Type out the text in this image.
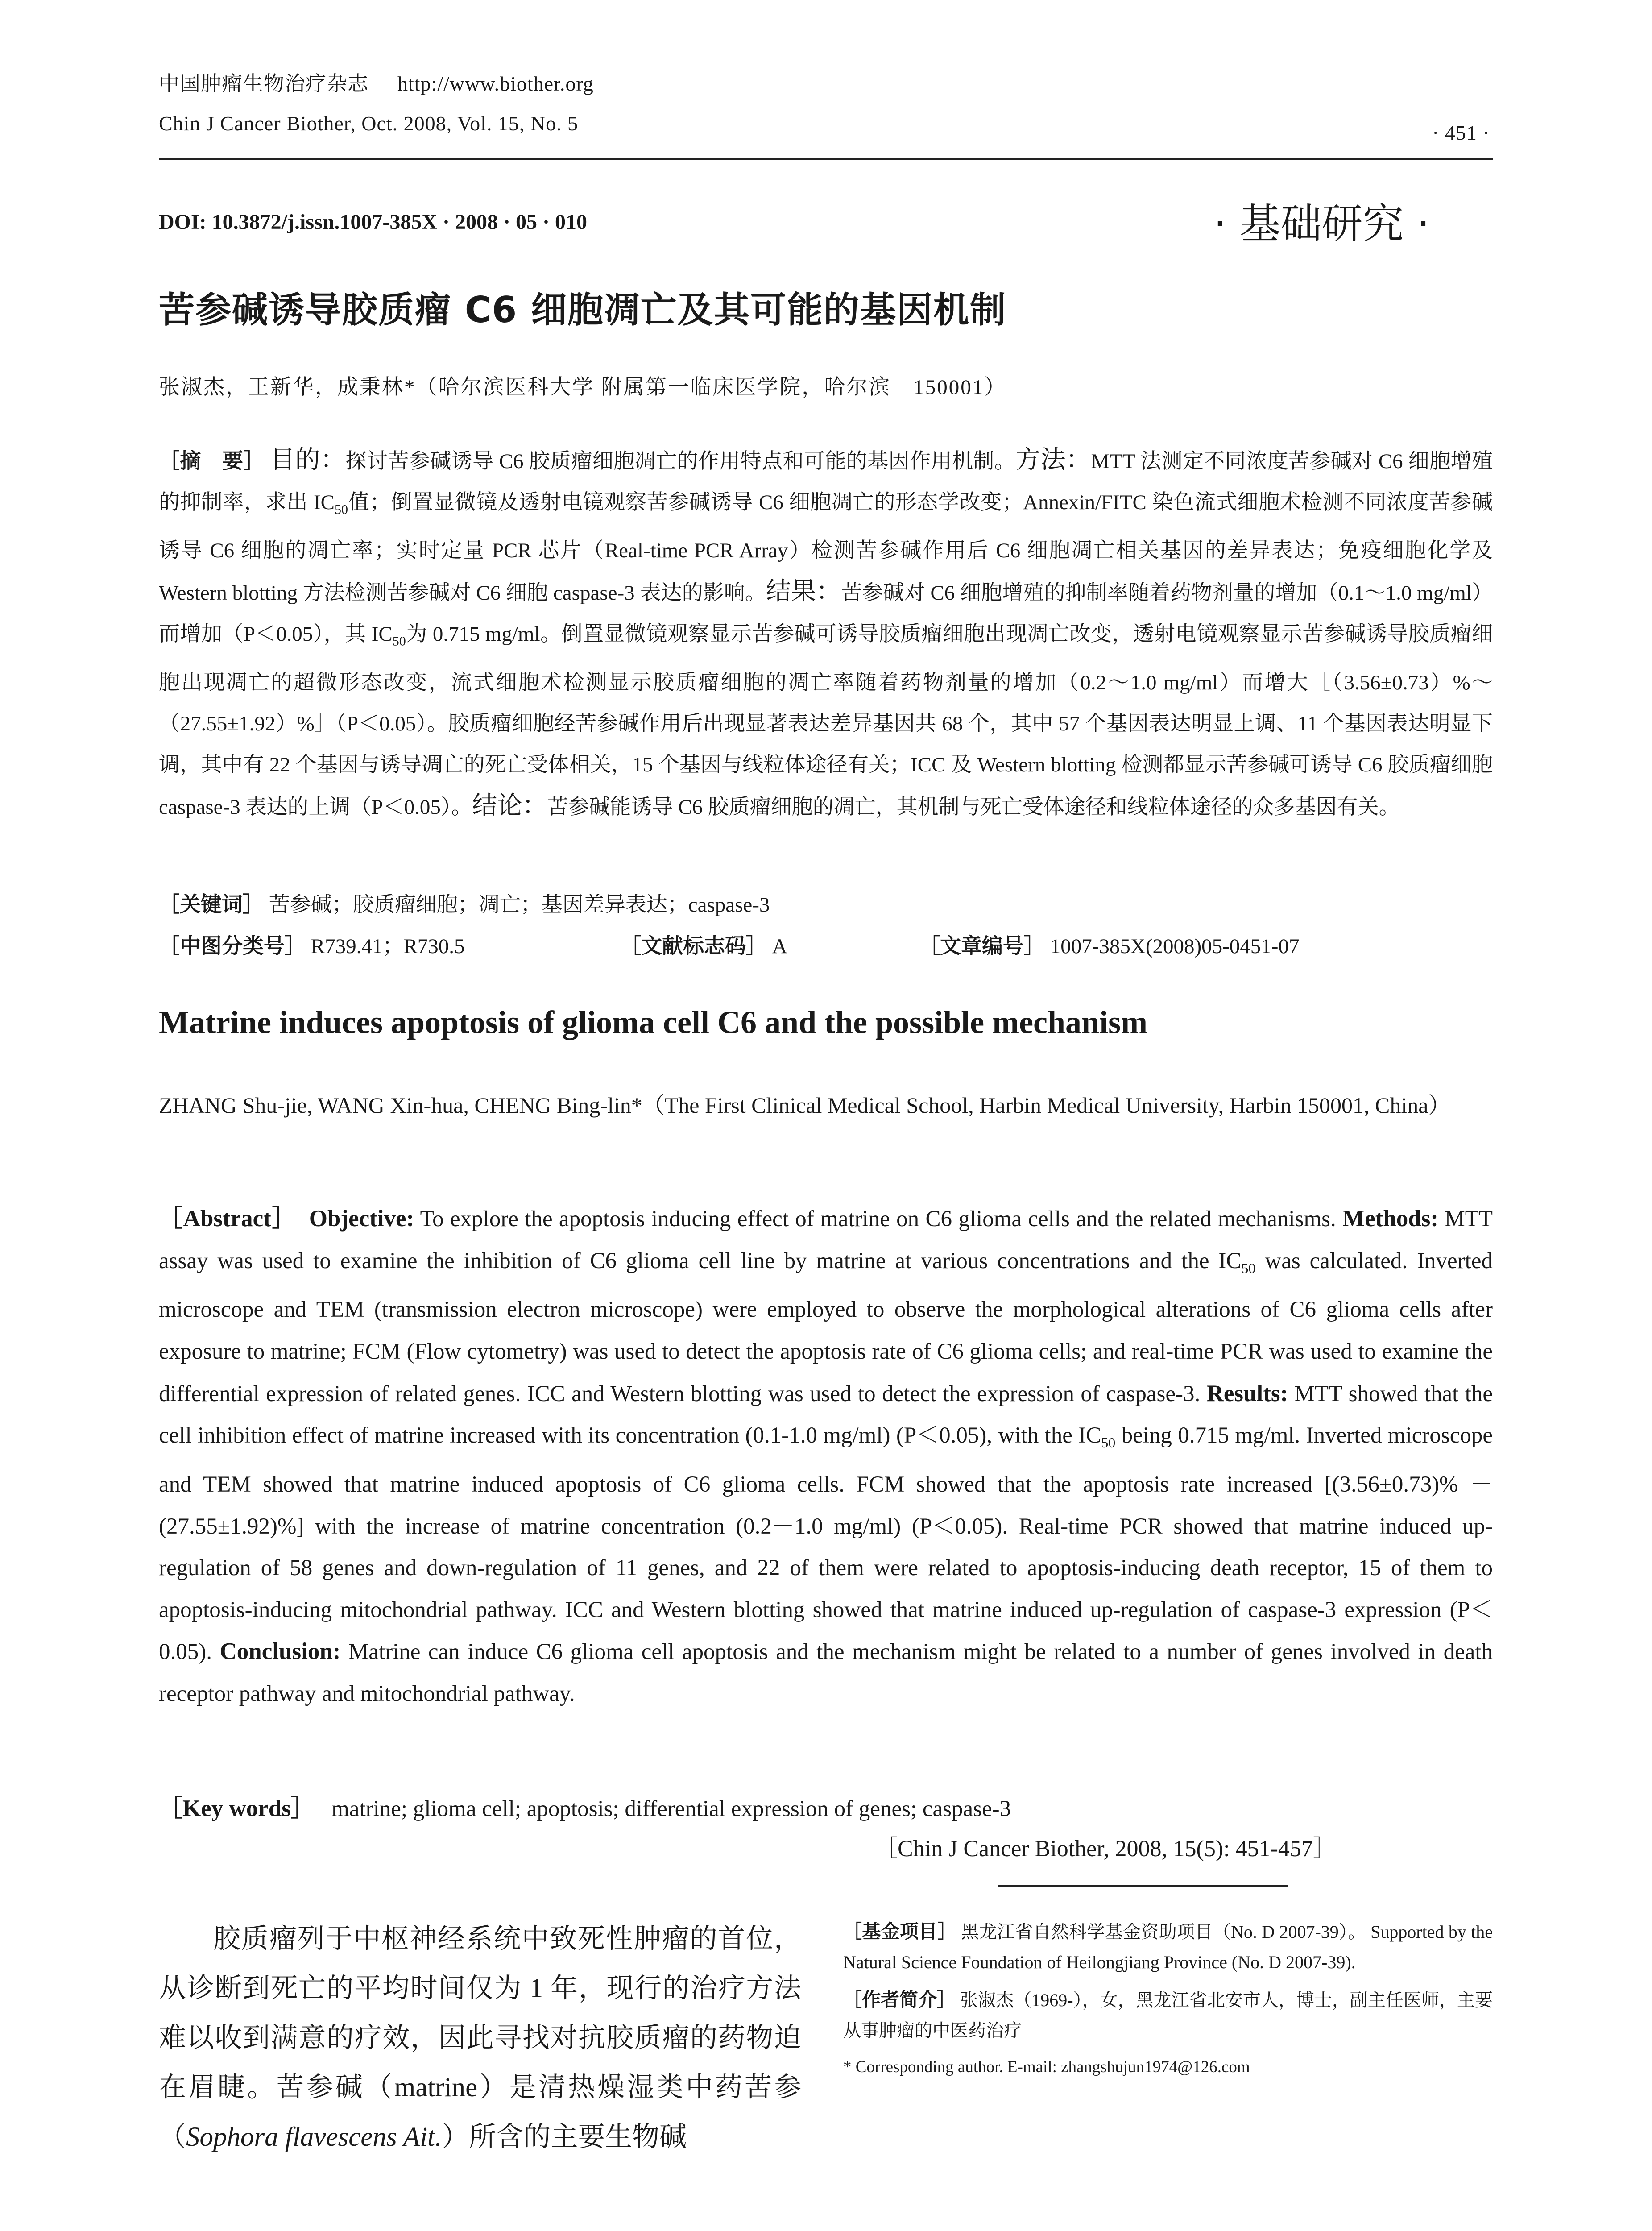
中国肿瘤生物治疗杂志 http://www.biother.org
Chin J Cancer Biother, Oct. 2008, Vol. 15, No. 5	· 451 ·
DOI: 10.3872/j.issn.1007-385X · 2008 · 05 · 010	· 基础研究 ·
苦参碱诱导胶质瘤 C6 细胞凋亡及其可能的基因机制
张淑杰，王新华，成秉林*（哈尔滨医科大学 附属第一临床医学院，哈尔滨　150001）
［摘　要］ 目的：探讨苦参碱诱导 C6 胶质瘤细胞凋亡的作用特点和可能的基因作用机制。方法：MTT 法测定不同浓度苦参碱对 C6 细胞增殖的抑制率，求出 $IC_{50}$值；倒置显微镜及透射电镜观察苦参碱诱导 C6 细胞凋亡的形态学改变；Annexin/FITC 染色流式细胞术检测不同浓度苦参碱诱导 C6 细胞的凋亡率；实时定量 PCR 芯片（Real-time PCR Array）检测苦参碱作用后 C6 细胞凋亡相关基因的差异表达；免疫细胞化学及 Western blotting 方法检测苦参碱对 C6 细胞 caspase-3 表达的影响。结果：苦参碱对 C6 细胞增殖的抑制率随着药物剂量的增加（0.1～1.0 mg/ml）而增加（P＜0.05），其 $IC_{50}$为 0.715 mg/ml。倒置显微镜观察显示苦参碱可诱导胶质瘤细胞出现凋亡改变，透射电镜观察显示苦参碱诱导胶质瘤细胞出现凋亡的超微形态改变，流式细胞术检测显示胶质瘤细胞的凋亡率随着药物剂量的增加（0.2～1.0 mg/ml）而增大［（3.56±0.73）%～（27.55±1.92）%］（P＜0.05）。胶质瘤细胞经苦参碱作用后出现显著表达差异基因共 68 个，其中 57 个基因表达明显上调、11 个基因表达明显下调，其中有 22 个基因与诱导凋亡的死亡受体相关，15 个基因与线粒体途径有关；ICC 及 Western blotting 检测都显示苦参碱可诱导 C6 胶质瘤细胞 caspase-3 表达的上调（P＜0.05）。结论：苦参碱能诱导 C6 胶质瘤细胞的凋亡，其机制与死亡受体途径和线粒体途径的众多基因有关。
［关键词］ 苦参碱；胶质瘤细胞；凋亡；基因差异表达；caspase-3
［中图分类号］ R739.41；R730.5	［文献标志码］ A	［文章编号］ 1007-385X(2008)05-0451-07
Matrine induces apoptosis of glioma cell C6 and the possible mechanism
ZHANG Shu-jie, WANG Xin-hua, CHENG Bing-lin*（The First Clinical Medical School, Harbin Medical University, Harbin 150001, China）
［Abstract］ Objective: To explore the apoptosis inducing effect of matrine on C6 glioma cells and the related mechanisms. Methods: MTT assay was used to examine the inhibition of C6 glioma cell line by matrine at various concentrations and the $IC_{50}$ was calculated. Inverted microscope and TEM (transmission electron microscope) were employed to observe the morphological alterations of C6 glioma cells after exposure to matrine; FCM (Flow cytometry) was used to detect the apoptosis rate of C6 glioma cells; and real-time PCR was used to examine the differential expression of related genes. ICC and Western blotting was used to detect the expression of caspase-3. Results: MTT showed that the cell inhibition effect of matrine increased with its concentration (0.1-1.0 mg/ml) (P＜0.05), with the $IC_{50}$ being 0.715 mg/ml. Inverted microscope and TEM showed that matrine induced apoptosis of C6 glioma cells. FCM showed that the apoptosis rate increased [(3.56±0.73)% －(27.55±1.92)%] with the increase of matrine concentration (0.2－1.0 mg/ml) (P＜0.05). Real-time PCR showed that matrine induced up-regulation of 58 genes and down-regulation of 11 genes, and 22 of them were related to apoptosis-inducing death receptor, 15 of them to apoptosis-inducing mitochondrial pathway. ICC and Western blotting showed that matrine induced up-regulation of caspase-3 expression (P＜0.05). Conclusion: Matrine can induce C6 glioma cell apoptosis and the mechanism might be related to a number of genes involved in death receptor pathway and mitochondrial pathway.
［Key words］ matrine; glioma cell; apoptosis; differential expression of genes; caspase-3
［Chin J Cancer Biother, 2008, 15(5): 451-457］
胶质瘤列于中枢神经系统中致死性肿瘤的首位，从诊断到死亡的平均时间仅为 1 年，现行的治疗方法难以收到满意的疗效，因此寻找对抗胶质瘤的药物迫在眉睫。苦参碱（matrine）是清热燥湿类中药苦参（Sophora flavescens Ait.）所含的主要生物碱
［基金项目］ 黑龙江省自然科学基金资助项目（No. D 2007-39）。 Supported by the Natural Science Foundation of Heilongjiang Province (No. D 2007-39).
［作者简介］ 张淑杰（1969-），女，黑龙江省北安市人，博士，副主任医师，主要从事肿瘤的中医药治疗
* Corresponding author. E-mail: zhangshujun1974@126.com
